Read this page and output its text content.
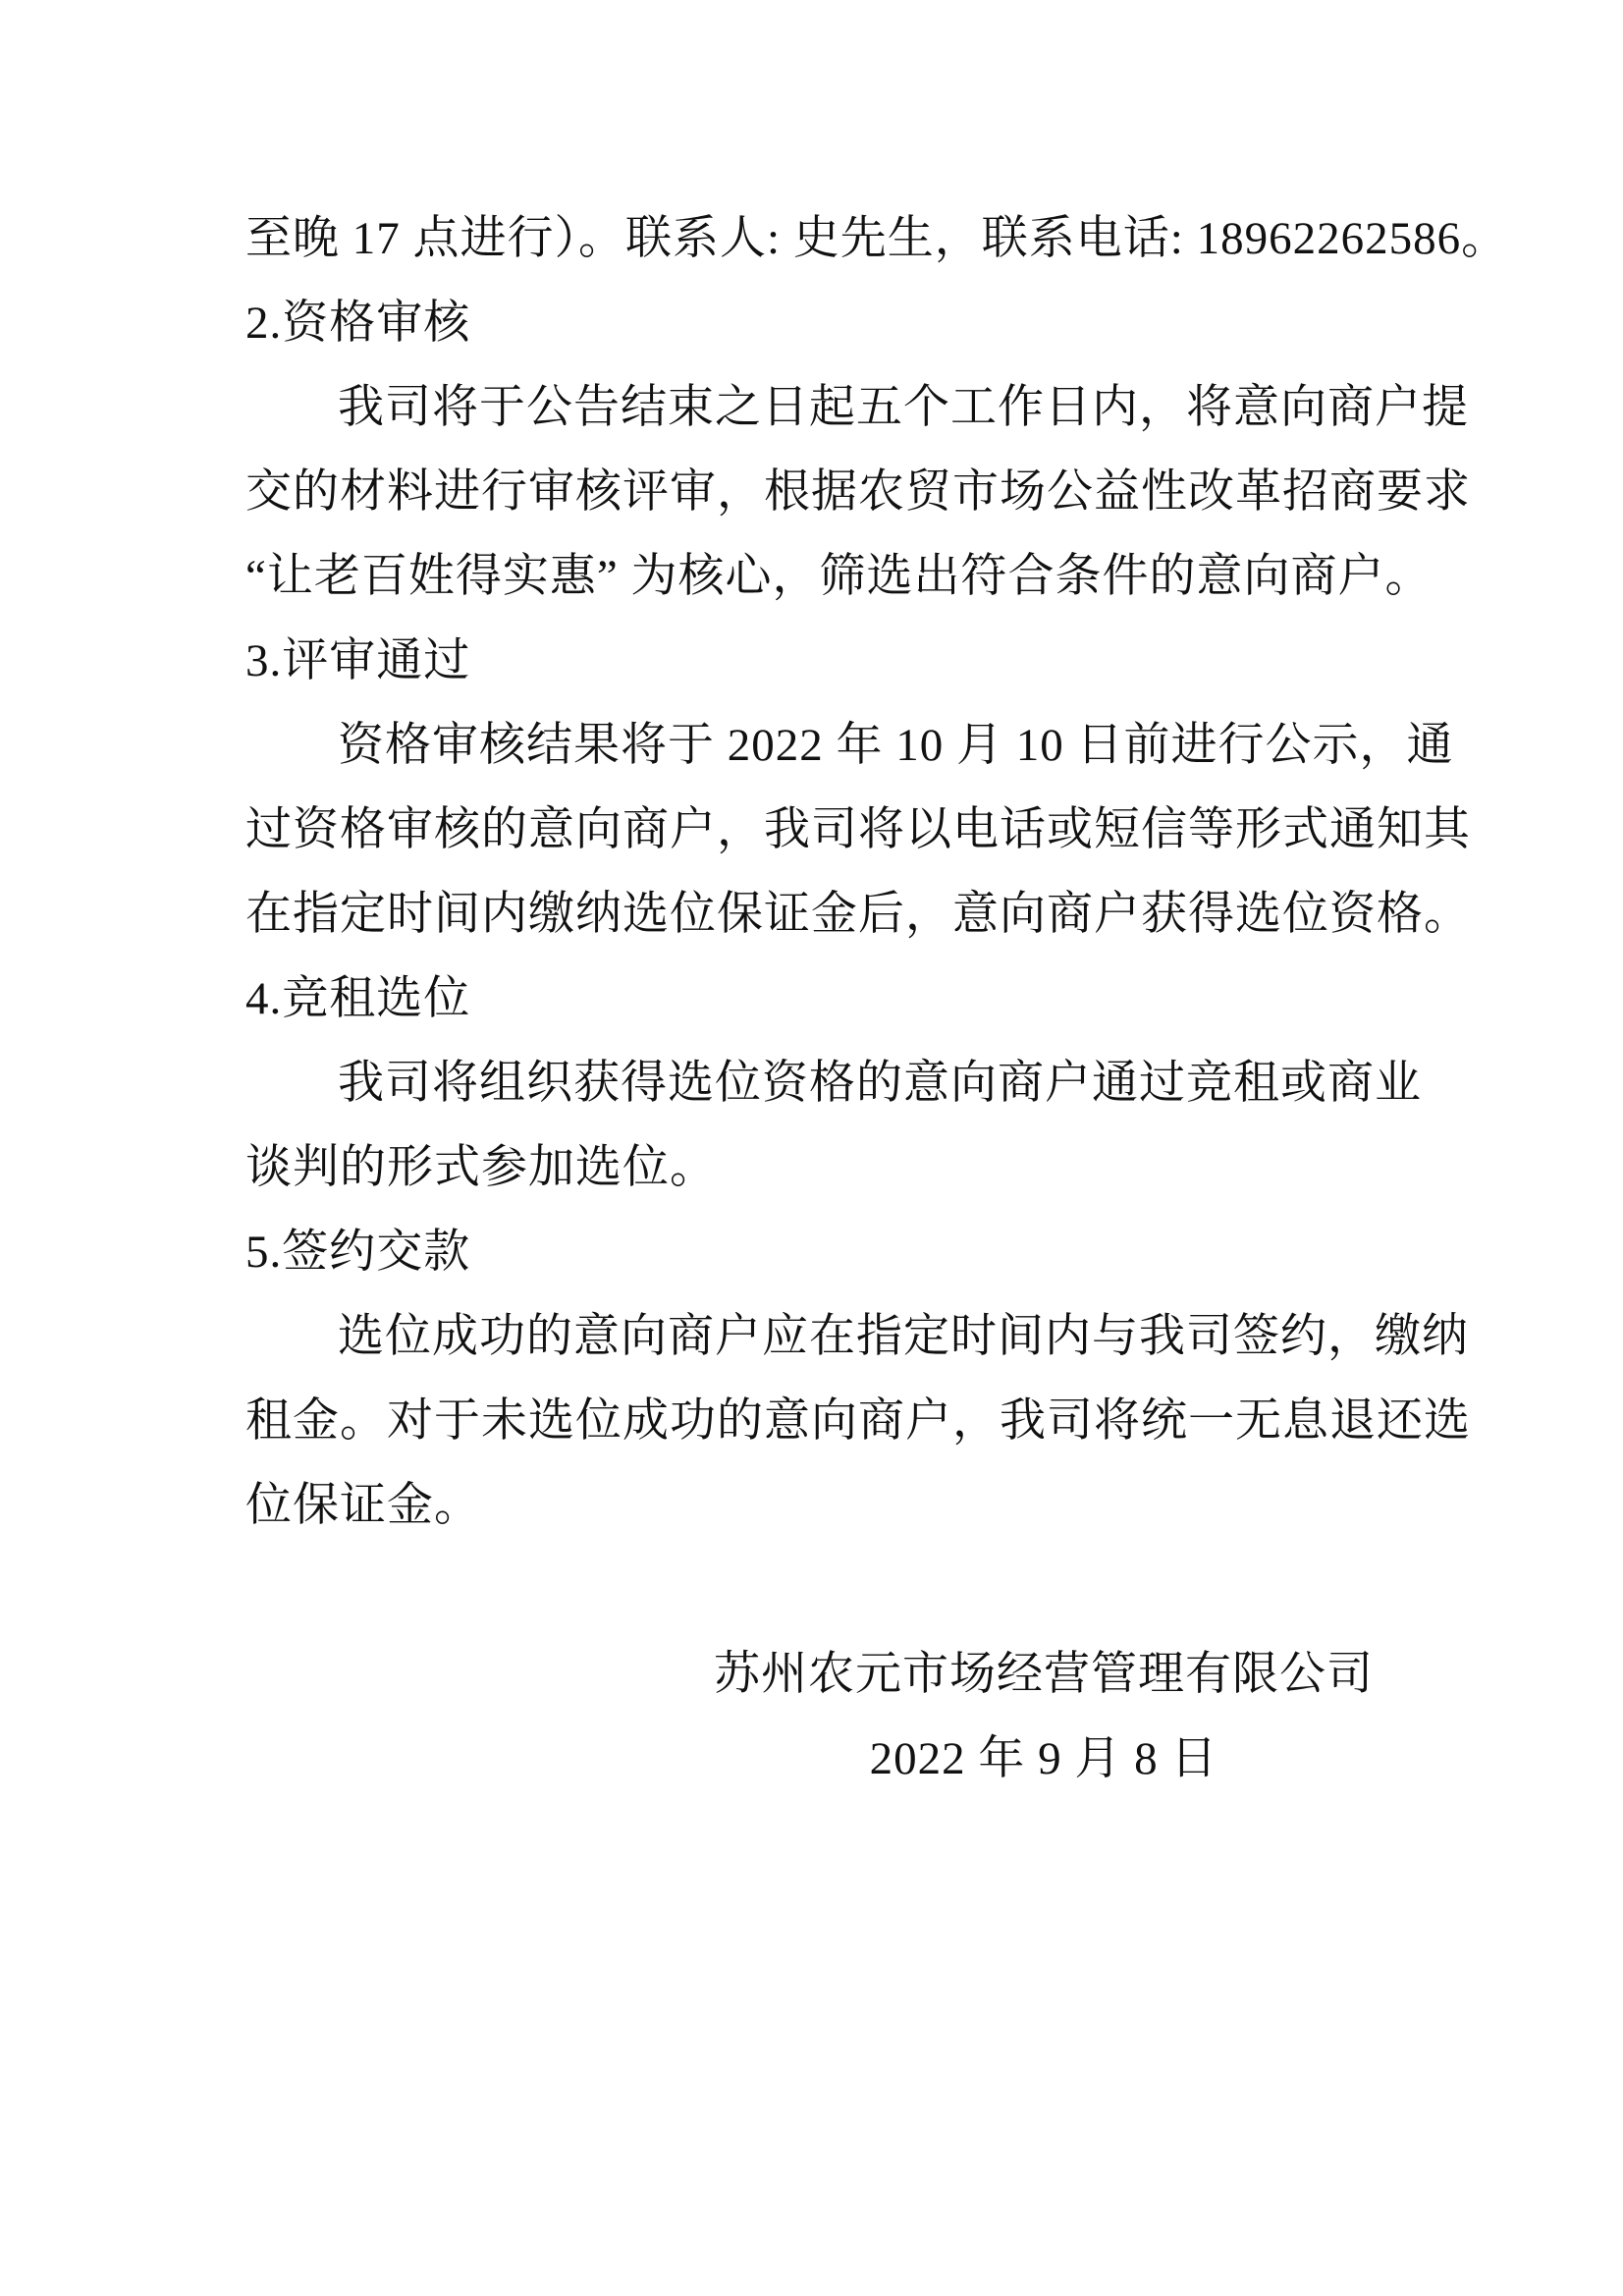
至晚 17 点进行）。联系人: 史先生，联系电话: 18962262586。
2.资格审核
我司将于公告结束之日起五个工作日内，将意向商户提
交的材料进行审核评审，根据农贸市场公益性改革招商要求
“让老百姓得实惠” 为核心，筛选出符合条件的意向商户。
3.评审通过
资格审核结果将于 2022 年 10 月 10 日前进行公示，通
过资格审核的意向商户，我司将以电话或短信等形式通知其
在指定时间内缴纳选位保证金后，意向商户获得选位资格。
4.竞租选位
我司将组织获得选位资格的意向商户通过竞租或商业
谈判的形式参加选位。
5.签约交款
选位成功的意向商户应在指定时间内与我司签约，缴纳
租金。对于未选位成功的意向商户，我司将统一无息退还选
位保证金。
苏州农元市场经营管理有限公司
2022 年 9 月 8 日
